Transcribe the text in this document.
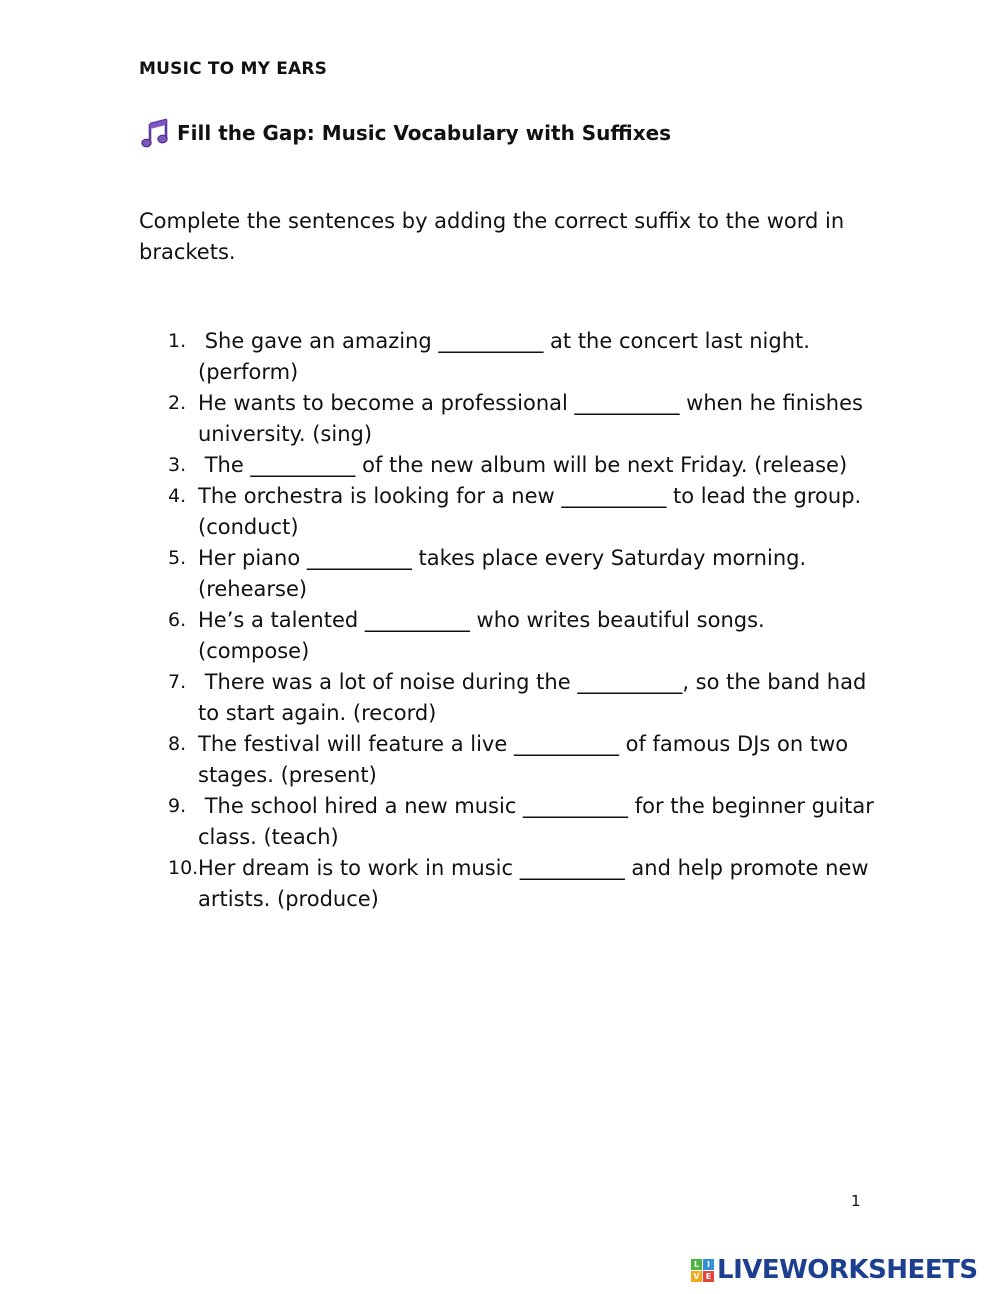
MUSIC TO MY EARS
Fill the Gap: Music Vocabulary with Suffixes
Complete the sentences by adding the correct suffix to the word in brackets.
1. She gave an amazing __________ at the concert last night. (perform)
2. He wants to become a professional __________ when he finishes university. (sing)
3. The __________ of the new album will be next Friday. (release)
4. The orchestra is looking for a new __________ to lead the group. (conduct)
5. Her piano __________ takes place every Saturday morning. (rehearse)
6. He’s a talented __________ who writes beautiful songs. (compose)
7. There was a lot of noise during the __________, so the band had to start again. (record)
8. The festival will feature a live __________ of famous DJs on two stages. (present)
9. The school hired a new music __________ for the beginner guitar class. (teach)
10. Her dream is to work in music __________ and help promote new artists. (produce)
1
L I
V E LIVEWORKSHEETS
